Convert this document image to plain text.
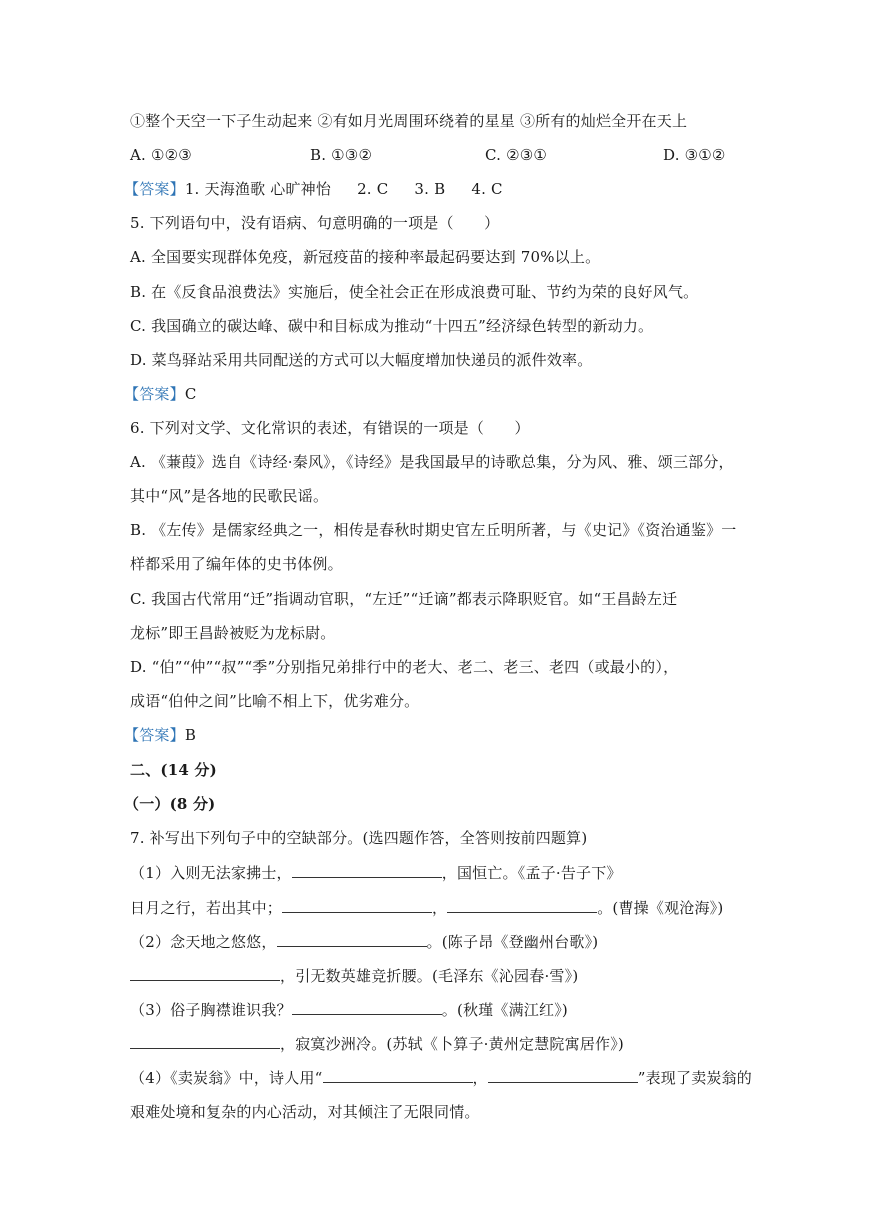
①整个天空一下子生动起来 ②有如月光周围环绕着的星星 ③所有的灿烂全开在天上
A. ①②③	B. ①③②	C. ②③①	D. ③①②
【答案】1. 天海渔歌 心旷神怡 2. C 3. B 4. C
5. 下列语句中，没有语病、句意明确的一项是（　　）
A. 全国要实现群体免疫，新冠疫苗的接种率最起码要达到 70%以上。
B. 在《反食品浪费法》实施后，使全社会正在形成浪费可耻、节约为荣的良好风气。
C. 我国确立的碳达峰、碳中和目标成为推动“十四五”经济绿色转型的新动力。
D. 菜鸟驿站采用共同配送的方式可以大幅度增加快递员的派件效率。
【答案】C
6. 下列对文学、文化常识的表述，有错误的一项是（　　）
A. 《蒹葭》选自《诗经·秦风》，《诗经》是我国最早的诗歌总集，分为风、雅、颂三部分，
其中“风”是各地的民歌民谣。
B. 《左传》是儒家经典之一，相传是春秋时期史官左丘明所著，与《史记》《资治通鉴》一
样都采用了编年体的史书体例。
C. 我国古代常用“迁”指调动官职，“左迁”“迁谪”都表示降职贬官。如“王昌龄左迁
龙标”即王昌龄被贬为龙标尉。
D. “伯”“仲”“叔”“季”分别指兄弟排行中的老大、老二、老三、老四（或最小的），
成语“伯仲之间”比喻不相上下，优劣难分。
【答案】B
二、(14 分)
（一）(8 分)
7. 补写出下列句子中的空缺部分。(选四题作答，全答则按前四题算)
（1）入则无法家拂士，	，国恒亡。《孟子·告子下》
日月之行，若出其中；	，	。(曹操《观沧海》)
（2）念天地之悠悠，	。(陈子昂《登幽州台歌》)
，引无数英雄竞折腰。(毛泽东《沁园春·雪》)
（3）俗子胸襟谁识我？	。(秋瑾《满江红》)
，寂寞沙洲冷。(苏轼《卜算子·黄州定慧院寓居作》)
（4）《卖炭翁》中，诗人用“	，	”表现了卖炭翁的
艰难处境和复杂的内心活动，对其倾注了无限同情。
